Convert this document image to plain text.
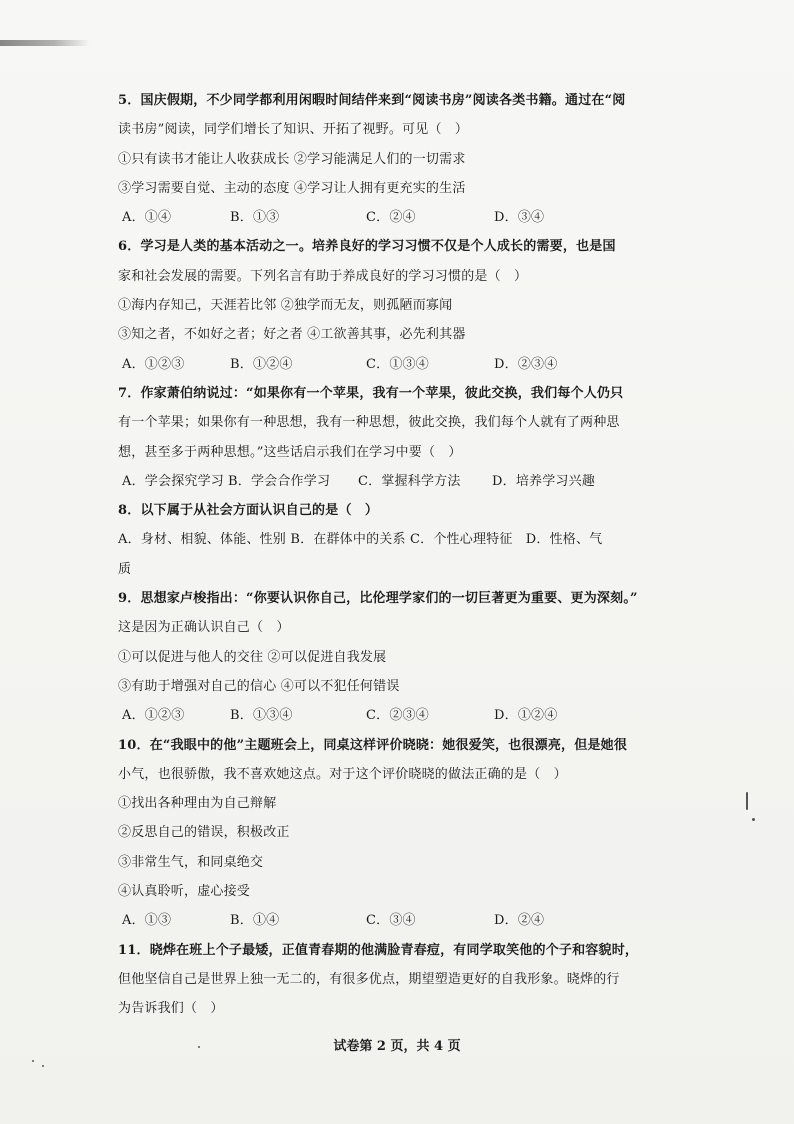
5．国庆假期，不少同学都利用闲暇时间结伴来到“阅读书房”阅读各类书籍。通过在“阅
读书房”阅读，同学们增长了知识、开拓了视野。可见（　）
①只有读书才能让人收获成长 ②学习能满足人们的一切需求
③学习需要自觉、主动的态度 ④学习让人拥有更充实的生活
A．①④	B．①③	C．②④	D．③④
6．学习是人类的基本活动之一。培养良好的学习习惯不仅是个人成长的需要，也是国
家和社会发展的需要。下列名言有助于养成良好的学习习惯的是（　）
①海内存知己，天涯若比邻 ②独学而无友，则孤陋而寡闻
③知之者，不如好之者；好之者 ④工欲善其事，必先利其器
A．①②③	B．①②④	C．①③④	D．②③④
7．作家萧伯纳说过：“如果你有一个苹果，我有一个苹果，彼此交换，我们每个人仍只
有一个苹果；如果你有一种思想，我有一种思想，彼此交换，我们每个人就有了两种思
想，甚至多于两种思想。”这些话启示我们在学习中要（　）
A．学会探究学习 B．学会合作学习	C．掌握科学方法	D．培养学习兴趣
8．以下属于从社会方面认识自己的是（　）
A．身材、相貌、体能、性别 B．在群体中的关系 C．个性心理特征　D．性格、气
质
9．思想家卢梭指出：“你要认识你自己，比伦理学家们的一切巨著更为重要、更为深刻。”
这是因为正确认识自己（　）
①可以促进与他人的交往 ②可以促进自我发展
③有助于增强对自己的信心 ④可以不犯任何错误
A．①②③	B．①③④	C．②③④	D．①②④
10．在“我眼中的他”主题班会上，同桌这样评价晓晓：她很爱笑，也很漂亮，但是她很
小气，也很骄傲，我不喜欢她这点。对于这个评价晓晓的做法正确的是（　）
①找出各种理由为自己辩解
②反思自己的错误，积极改正
③非常生气，和同桌绝交
④认真聆听，虚心接受
A．①③	B．①④	C．③④	D．②④
11．晓烨在班上个子最矮，正值青春期的他满脸青春痘，有同学取笑他的个子和容貌时，
但他坚信自己是世界上独一无二的，有很多优点，期望塑造更好的自我形象。晓烨的行
为告诉我们（　）
试卷第 2 页，共 4 页
